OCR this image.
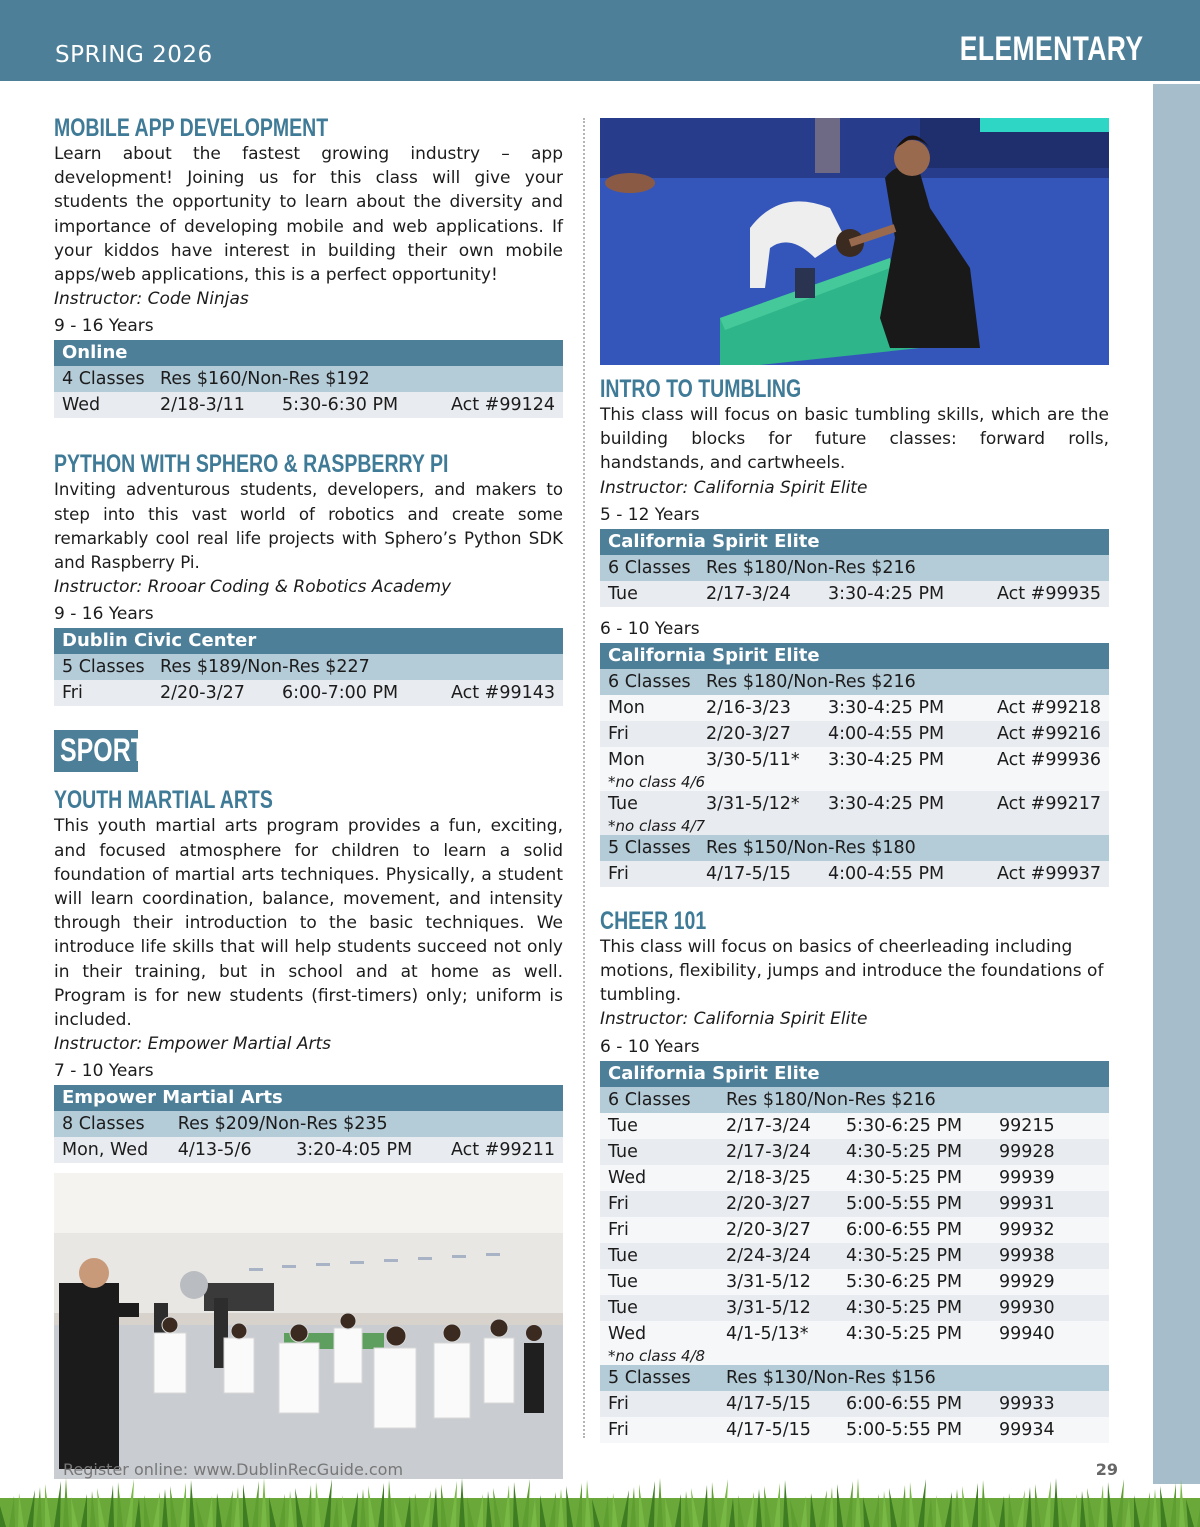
SPRING 2026	ELEMENTARY
MOBILE APP DEVELOPMENT

Learn about the fastest growing industry – app development! Joining us for this class will give your students the opportunity to learn about the diversity and importance of developing mobile and web applications. If your kiddos have interest in building their own mobile apps/web applications, this is a perfect opportunity!

Instructor: Code Ninjas

9 - 16 Years
Online			
4 Classes	Res $160/Non-Res $192		
Wed	2/18-3/11	5:30-6:30 PM	Act #99124
PYTHON WITH SPHERO & RASPBERRY PI

Inviting adventurous students, developers, and makers to step into this vast world of robotics and create some remarkably cool real life projects with Sphero’s Python SDK and Raspberry Pi.

Instructor: Rrooar Coding & Robotics Academy

9 - 16 Years
Dublin Civic Center			
5 Classes	Res $189/Non-Res $227		
Fri	2/20-3/27	6:00-7:00 PM	Act #99143
SPORTS
YOUTH MARTIAL ARTS

This youth martial arts program provides a fun, exciting, and focused atmosphere for children to learn a solid foundation of martial arts techniques. Physically, a student will learn coordination, balance, movement, and intensity through their introduction to the basic techniques. We introduce life skills that will help students succeed not only in their training, but in school and at home as well. Program is for new students (first-timers) only; uniform is included.

Instructor: Empower Martial Arts

7 - 10 Years
Empower Martial Arts			
8 Classes	Res $209/Non-Res $235		
Mon, Wed	4/13-5/6	3:20-4:05 PM	Act #99211
INTRO TO TUMBLING

This class will focus on basic tumbling skills, which are the building blocks for future classes: forward rolls, handstands, and cartwheels.

Instructor: California Spirit Elite

5 - 12 Years
California Spirit Elite			
6 Classes	Res $180/Non-Res $216		
Tue	2/17-3/24	3:30-4:25 PM	Act #99935
6 - 10 Years
California Spirit Elite			
6 Classes	Res $180/Non-Res $216		
Mon	2/16-3/23	3:30-4:25 PM	Act #99218
Fri	2/20-3/27	4:00-4:55 PM	Act #99216
Mon	3/30-5/11*	3:30-4:25 PM	Act #99936
*no class 4/6			
Tue	3/31-5/12*	3:30-4:25 PM	Act #99217
*no class 4/7			
5 Classes	Res $150/Non-Res $180		
Fri	4/17-5/15	4:00-4:55 PM	Act #99937
CHEER 101

This class will focus on basics of cheerleading including motions, flexibility, jumps and introduce the foundations of tumbling.

Instructor: California Spirit Elite

6 - 10 Years
California Spirit Elite			
6 Classes	Res $180/Non-Res $216		
Tue	2/17-3/24	5:30-6:25 PM	99215
Tue	2/17-3/24	4:30-5:25 PM	99928
Wed	2/18-3/25	4:30-5:25 PM	99939
Fri	2/20-3/27	5:00-5:55 PM	99931
Fri	2/20-3/27	6:00-6:55 PM	99932
Tue	2/24-3/24	4:30-5:25 PM	99938
Tue	3/31-5/12	5:30-6:25 PM	99929
Tue	3/31-5/12	4:30-5:25 PM	99930
Wed	4/1-5/13*	4:30-5:25 PM	99940
*no class 4/8			
5 Classes	Res $130/Non-Res $156		
Fri	4/17-5/15	6:00-6:55 PM	99933
Fri	4/17-5/15	5:00-5:55 PM	99934
Register online: www.DublinRecGuide.com	29
